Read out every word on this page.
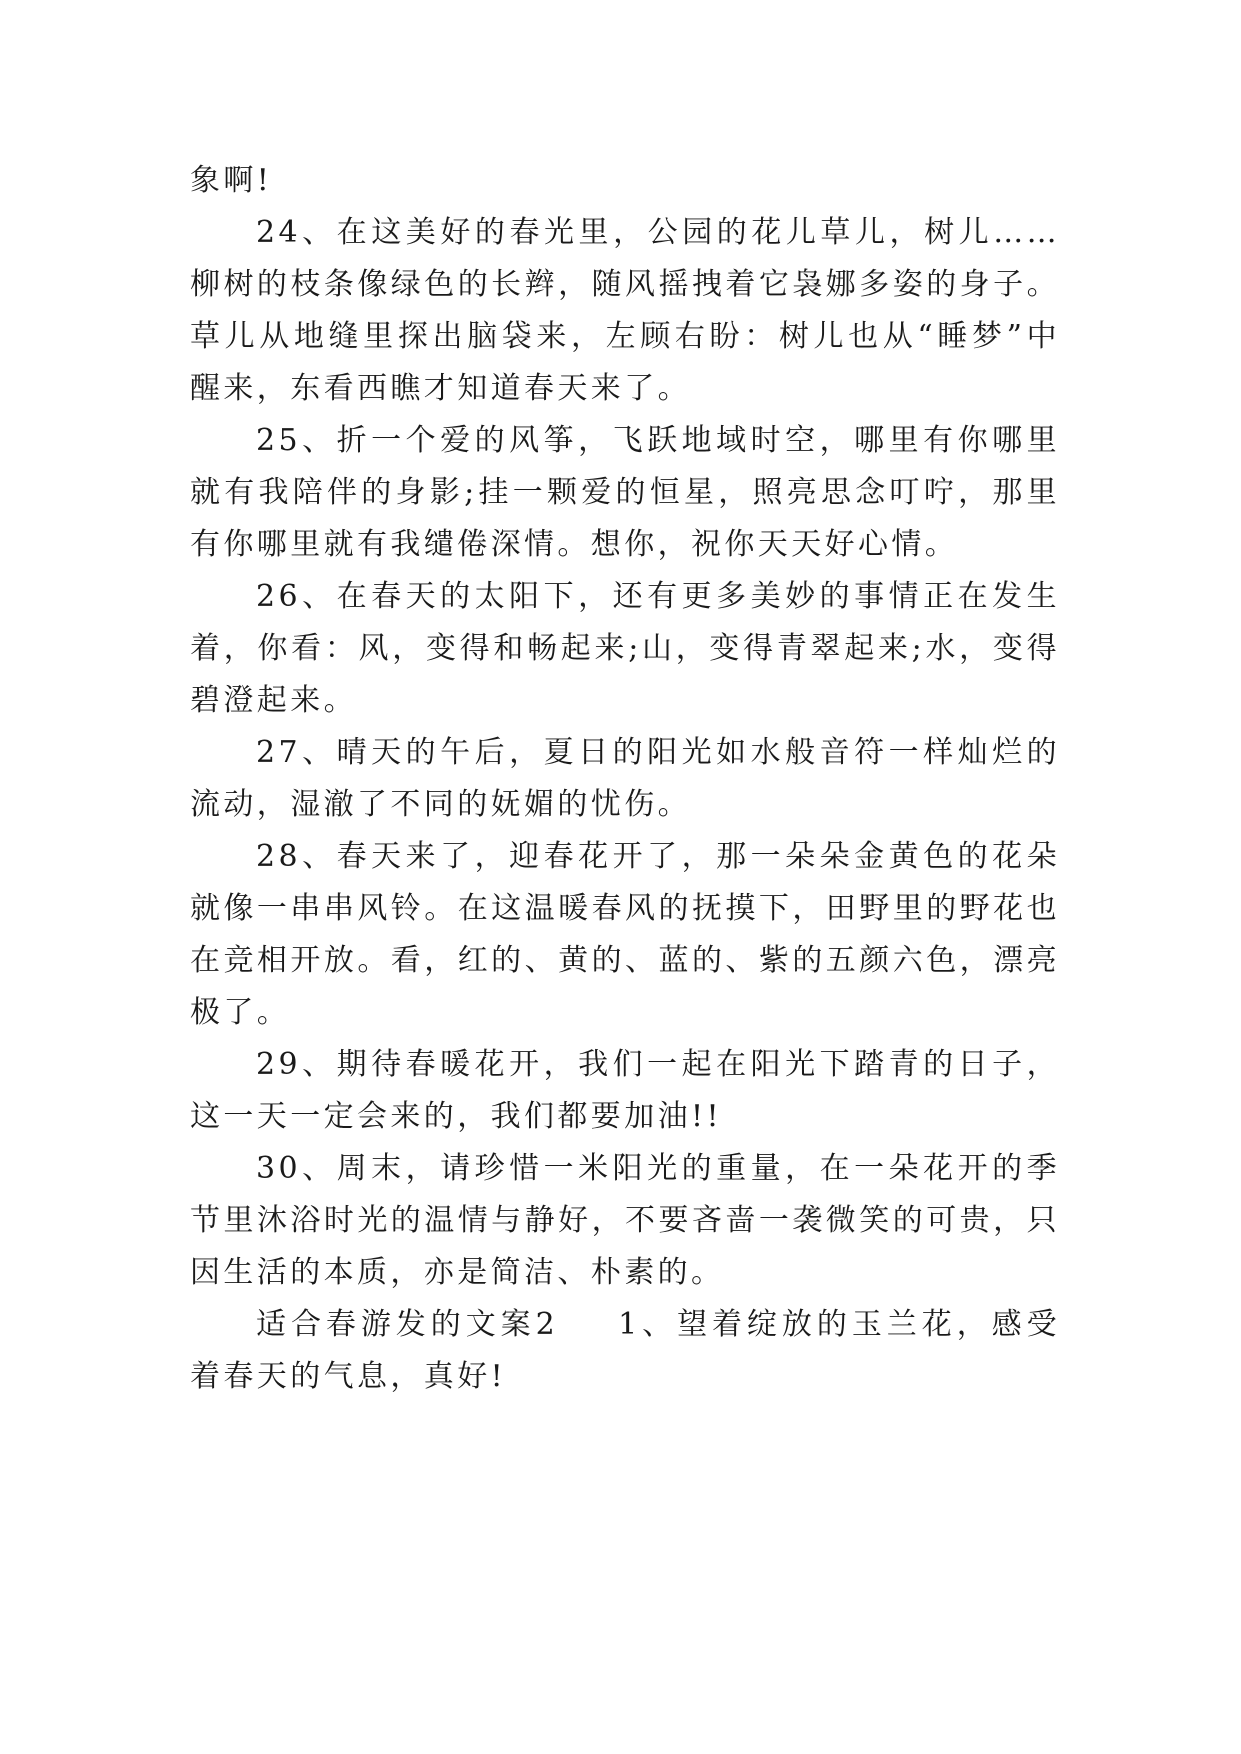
象啊!

24、在这美好的春光里，公园的花儿草儿，树儿……柳树的枝条像绿色的长辫，随风摇拽着它袅娜多姿的身子。草儿从地缝里探出脑袋来，左顾右盼：树儿也从“睡梦”中醒来，东看西瞧才知道春天来了。

25、折一个爱的风筝，飞跃地域时空，哪里有你哪里就有我陪伴的身影;挂一颗爱的恒星，照亮思念叮咛，那里有你哪里就有我缱倦深情。想你，祝你天天好心情。

26、在春天的太阳下，还有更多美妙的事情正在发生着，你看：风，变得和畅起来;山，变得青翠起来;水，变得碧澄起来。

27、晴天的午后，夏日的阳光如水般音符一样灿烂的流动，湿澈了不同的妩媚的忧伤。

28、春天来了，迎春花开了，那一朵朵金黄色的花朵就像一串串风铃。在这温暖春风的抚摸下，田野里的野花也在竞相开放。看，红的、黄的、蓝的、紫的五颜六色，漂亮极了。

29、期待春暖花开，我们一起在阳光下踏青的日子，这一天一定会来的，我们都要加油!!

30、周末，请珍惜一米阳光的重量，在一朵花开的季节里沐浴时光的温情与静好，不要吝啬一袭微笑的可贵，只因生活的本质，亦是简洁、朴素的。

适合春游发的文案2 1、望着绽放的玉兰花，感受着春天的气息，真好!
